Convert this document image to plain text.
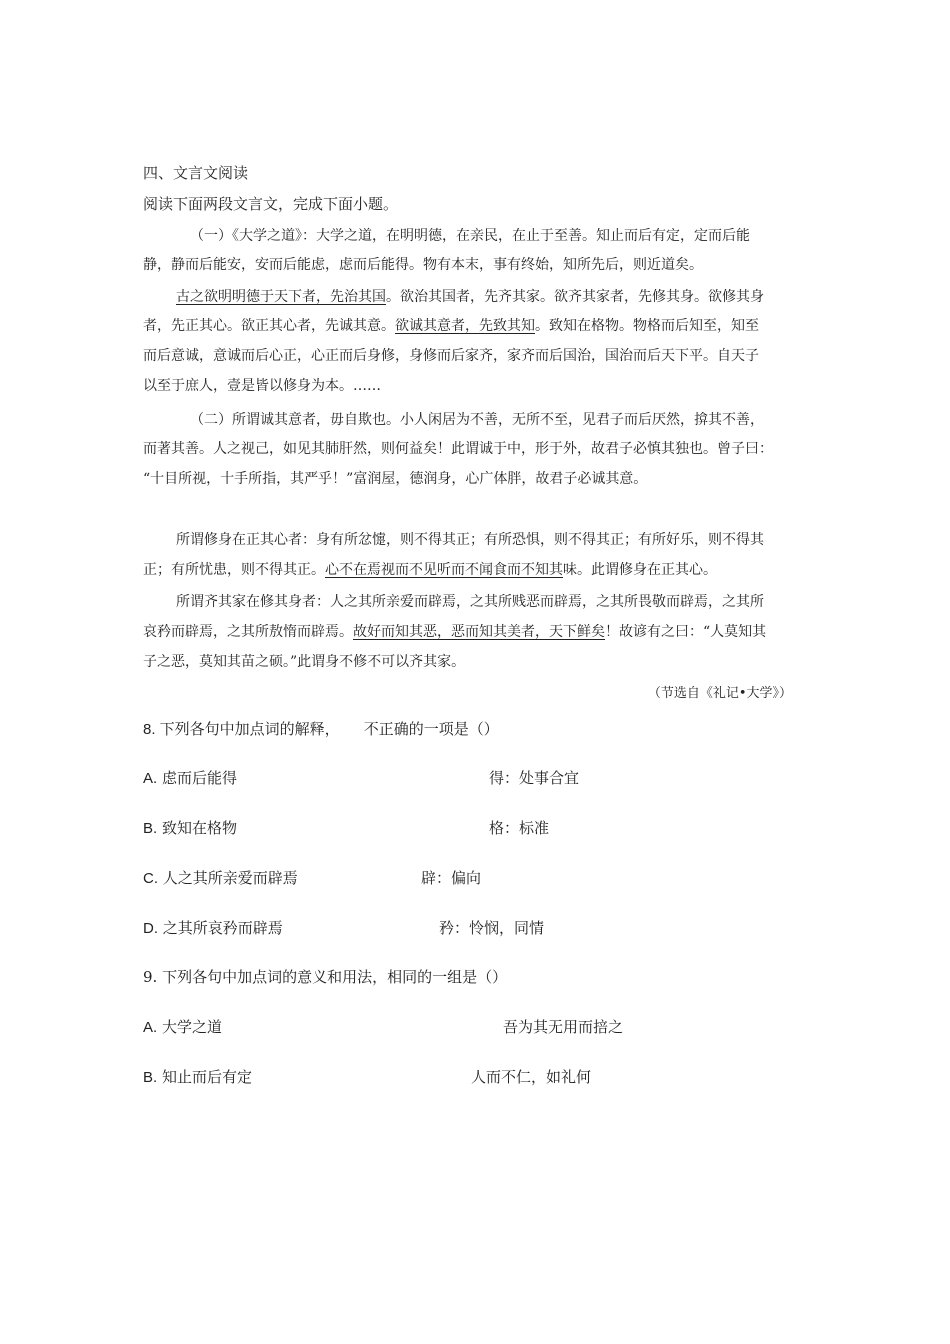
四、文言文阅读
阅读下面两段文言文，完成下面小题。
（一）《大学之道》：大学之道，在明明德，在亲民，在止于至善。知止而后有定，定而后能
静，静而后能安，安而后能虑，虑而后能得。物有本末，事有终始，知所先后，则近道矣。
古之欲明明德于天下者，先治其国。欲治其国者，先齐其家。欲齐其家者，先修其身。欲修其身
者，先正其心。欲正其心者，先诚其意。欲诚其意者，先致其知。致知在格物。物格而后知至，知至
而后意诚，意诚而后心正，心正而后身修，身修而后家齐，家齐而后国治，国治而后天下平。自天子
以至于庶人，壹是皆以修身为本。……
（二）所谓诚其意者，毋自欺也。小人闲居为不善，无所不至，见君子而后厌然，揜其不善，
而著其善。人之视己，如见其肺肝然，则何益矣！此谓诚于中，形于外，故君子必慎其独也。曾子曰：
“十目所视，十手所指，其严乎！”富润屋，德润身，心广体胖，故君子必诚其意。
所谓修身在正其心者：身有所忿懥，则不得其正；有所恐惧，则不得其正；有所好乐，则不得其
正；有所忧患，则不得其正。心不在焉视而不见听而不闻食而不知其味。此谓修身在正其心。
所谓齐其家在修其身者：人之其所亲爱而辟焉，之其所贱恶而辟焉，之其所畏敬而辟焉，之其所
哀矜而辟焉，之其所敖惰而辟焉。故好而知其恶，恶而知其美者，天下鲜矣！故谚有之曰：“人莫知其
子之恶，莫知其苗之硕。”此谓身不修不可以齐其家。
（节选自《礼记•大学》）
8. 下列各句中加点词的解释， 不正确的一项是（）
A. 虑而后能得	得：处事合宜
B. 致知在格物	格：标准
C. 人之其所亲爱而辟焉	辟：偏向
D. 之其所哀矜而辟焉	矜：怜悯，同情
9. 下列各句中加点词的意义和用法，相同的一组是（）
A. 大学之道	吾为其无用而掊之
B. 知止而后有定	人而不仁，如礼何
